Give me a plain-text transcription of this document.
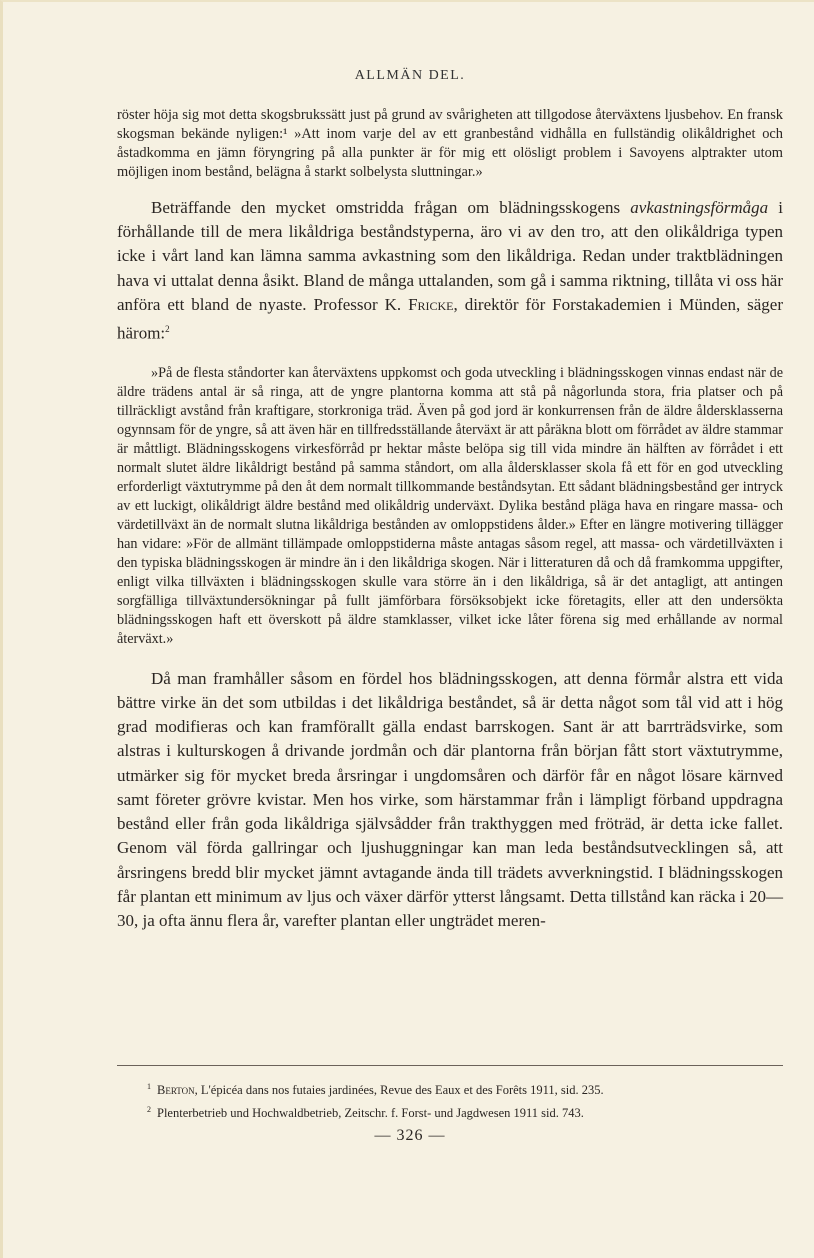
ALLMÄN DEL.

röster höja sig mot detta skogsbrukssätt just på grund av svårigheten att tillgodose återväxtens ljusbehov. En fransk skogsman bekände nyligen:¹ »Att inom varje del av ett granbestånd vidhålla en fullständig olikåldrighet och åstadkomma en jämn föryngring på alla punkter är för mig ett olösligt problem i Savoyens alptrakter utom möjligen inom bestånd, belägna å starkt solbelysta sluttningar.»

Beträffande den mycket omstridda frågan om blädningsskogens avkastningsförmåga i förhållande till de mera likåldriga beståndstyperna, äro vi av den tro, att den olikåldriga typen icke i vårt land kan lämna samma avkastning som den likåldriga. Redan under traktblädningen hava vi uttalat denna åsikt. Bland de många uttalanden, som gå i samma riktning, tillåta vi oss här anföra ett bland de nyaste. Professor K. Fricke, direktör för Forstakademien i Münden, säger härom:$^2$

»På de flesta ståndorter kan återväxtens uppkomst och goda utveckling i blädningsskogen vinnas endast när de äldre trädens antal är så ringa, att de yngre plantorna komma att stå på någorlunda stora, fria platser och på tillräckligt avstånd från kraftigare, storkroniga träd. Även på god jord är konkurrensen från de äldre åldersklasserna ogynnsam för de yngre, så att även här en tillfredsställande återväxt är att påräkna blott om förrådet av äldre stammar är måttligt. Blädningsskogens virkesförråd pr hektar måste belöpa sig till vida mindre än hälften av förrådet i ett normalt slutet äldre likåldrigt bestånd på samma ståndort, om alla åldersklasser skola få ett för en god utveckling erforderligt växtutrymme på den åt dem normalt tillkommande beståndsytan. Ett sådant blädningsbestånd ger intryck av ett luckigt, olikåldrigt äldre bestånd med olikåldrig underväxt. Dylika bestånd pläga hava en ringare massa- och värdetillväxt än de normalt slutna likåldriga bestånden av omloppstidens ålder.» Efter en längre motivering tillägger han vidare: »För de allmänt tillämpade omloppstiderna måste antagas såsom regel, att massa- och värdetillväxten i den typiska blädningsskogen är mindre än i den likåldriga skogen. När i litteraturen då och då framkomma uppgifter, enligt vilka tillväxten i blädningsskogen skulle vara större än i den likåldriga, så är det antagligt, att antingen sorgfälliga tillväxtundersökningar på fullt jämförbara försöksobjekt icke företagits, eller att den undersökta blädningsskogen haft ett överskott på äldre stamklasser, vilket icke låter förena sig med erhållande av normal återväxt.»

Då man framhåller såsom en fördel hos blädningsskogen, att denna förmår alstra ett vida bättre virke än det som utbildas i det likåldriga beståndet, så är detta något som tål vid att i hög grad modifieras och kan framförallt gälla endast barrskogen. Sant är att barrträdsvirke, som alstras i kulturskogen å drivande jordmån och där plantorna från början fått stort växtutrymme, utmärker sig för mycket breda årsringar i ungdomsåren och därför får en något lösare kärnved samt företer grövre kvistar. Men hos virke, som härstammar från i lämpligt förband uppdragna bestånd eller från goda likåldriga självsådder från trakthyggen med fröträd, är detta icke fallet. Genom väl förda gallringar och ljushuggningar kan man leda beståndsutvecklingen så, att årsringens bredd blir mycket jämnt avtagande ända till trädets avverkningstid. I blädningsskogen får plantan ett minimum av ljus och växer därför ytterst långsamt. Detta tillstånd kan räcka i 20—30, ja ofta ännu flera år, varefter plantan eller ungträdet meren-

$^1$ Berton, L'épicéa dans nos futaies jardinées, Revue des Eaux et des Forêts 1911, sid. 235.
$^2$ Plenterbetrieb und Hochwaldbetrieb, Zeitschr. f. Forst- und Jagdwesen 1911 sid. 743.
— 326 —
